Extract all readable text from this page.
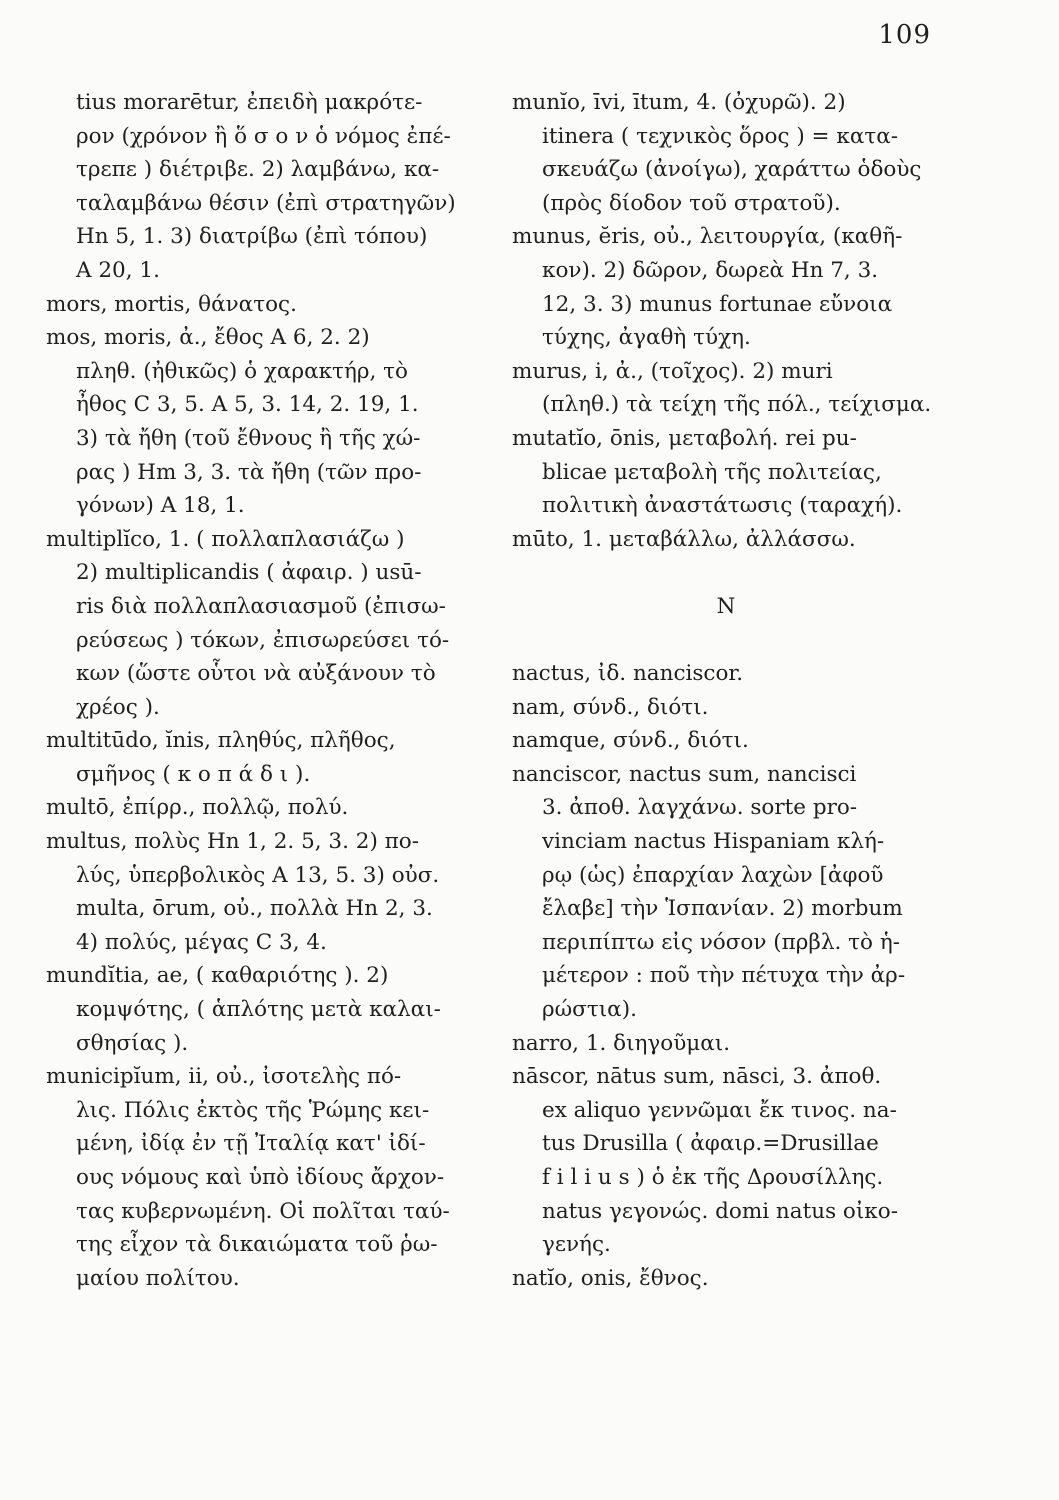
109
tius morarētur, ἐπειδὴ μακρότε-
ρον (χρόνον ἢ ὅ σ ο ν ὁ νόμος ἐπέ-
τρεπε ) διέτριβε. 2) λαμβάνω, κα-
ταλαμβάνω θέσιν (ἐπὶ στρατηγῶν)
Hn 5, 1. 3) διατρίβω (ἐπὶ τόπου)
A 20, 1.
mors, mortis, θάνατος.
mos, moris, ἀ., ἔθος A 6, 2. 2)
πληθ. (ἠθικῶς) ὁ χαρακτήρ, τὸ
ἦθος C 3, 5. A 5, 3. 14, 2. 19, 1.
3) τὰ ἤθη (τοῦ ἔθνους ἢ τῆς χώ-
ρας ) Hm 3, 3. τὰ ἤθη (τῶν προ-
γόνων) A 18, 1.
multiplĭco, 1. ( πολλαπλασιάζω )
2) multiplicandis ( ἀφαιρ. ) usū-
ris διὰ πολλαπλασιασμοῦ (ἐπισω-
ρεύσεως ) τόκων, ἐπισωρεύσει τό-
κων (ὥστε οὗτοι νὰ αὐξάνουν τὸ
χρέος ).
multitūdo, ĭnis, πληθύς, πλῆθος,
σμῆνος ( κ ο π ά δ ι ).
multō, ἐπίρρ., πολλῷ, πολύ.
multus, πολὺς Hn 1, 2. 5, 3. 2) πο-
λύς, ὑπερβολικὸς A 13, 5. 3) οὐσ.
multa, ōrum, οὐ., πολλὰ Hn 2, 3.
4) πολύς, μέγας C 3, 4.
mundĭtia, ae, ( καθαριότης ). 2)
κομψότης, ( ἁπλότης μετὰ καλαι-
σθησίας ).
municipĭum, ii, οὐ., ἰσοτελὴς πό-
λις. Πόλις ἐκτὸς τῆς Ῥώμης κει-
μένη, ἰδίᾳ ἐν τῇ Ἰταλίᾳ κατ' ἰδί-
ους νόμους καὶ ὑπὸ ἰδίους ἄρχον-
τας κυβερνωμένη. Οἱ πολῖται ταύ-
της εἶχον τὰ δικαιώματα τοῦ ῥω-
μαίου πολίτου.
munĭo, īvi, ītum, 4. (ὀχυρῶ). 2)
itinera ( τεχνικὸς ὅρος ) = κατα-
σκευάζω (ἀνοίγω), χαράττω ὁδοὺς
(πρὸς δίοδον τοῦ στρατοῦ).
munus, ĕris, οὐ., λειτουργία, (καθῆ-
κον). 2) δῶρον, δωρεὰ Hn 7, 3.
12, 3. 3) munus fortunae εὔνοια
τύχης, ἀγαθὴ τύχη.
murus, i, ἀ., (τοῖχος). 2) muri
(πληθ.) τὰ τείχη τῆς πόλ., τείχισμα.
mutatĭo, ōnis, μεταβολή. rei pu-
blicae μεταβολὴ τῆς πολιτείας,
πολιτικὴ ἀναστάτωσις (ταραχή).
mūto, 1. μεταβάλλω, ἀλλάσσω.
N
nactus, ἰδ. nanciscor.
nam, σύνδ., διότι.
namque, σύνδ., διότι.
nanciscor, nactus sum, nancisci
3. ἀποθ. λαγχάνω. sorte pro-
vinciam nactus Hispaniam κλή-
ρῳ (ὡς) ἐπαρχίαν λαχὼν [ἀφοῦ
ἔλαβε] τὴν Ἱσπανίαν. 2) morbum
περιπίπτω εἰς νόσον (πρβλ. τὸ ἡ-
μέτερον : ποῦ τὴν πέτυχα τὴν ἀρ-
ρώστια).
narro, 1. διηγοῦμαι.
nāscor, nātus sum, nāsci, 3. ἀποθ.
ex aliquo γεννῶμαι ἔκ τινος. na-
tus Drusilla ( ἀφαιρ.=Drusillae
f i l i u s ) ὁ ἐκ τῆς Δρουσίλλης.
natus γεγονώς. domi natus οἰκο-
γενής.
natĭo, onis, ἔθνος.
